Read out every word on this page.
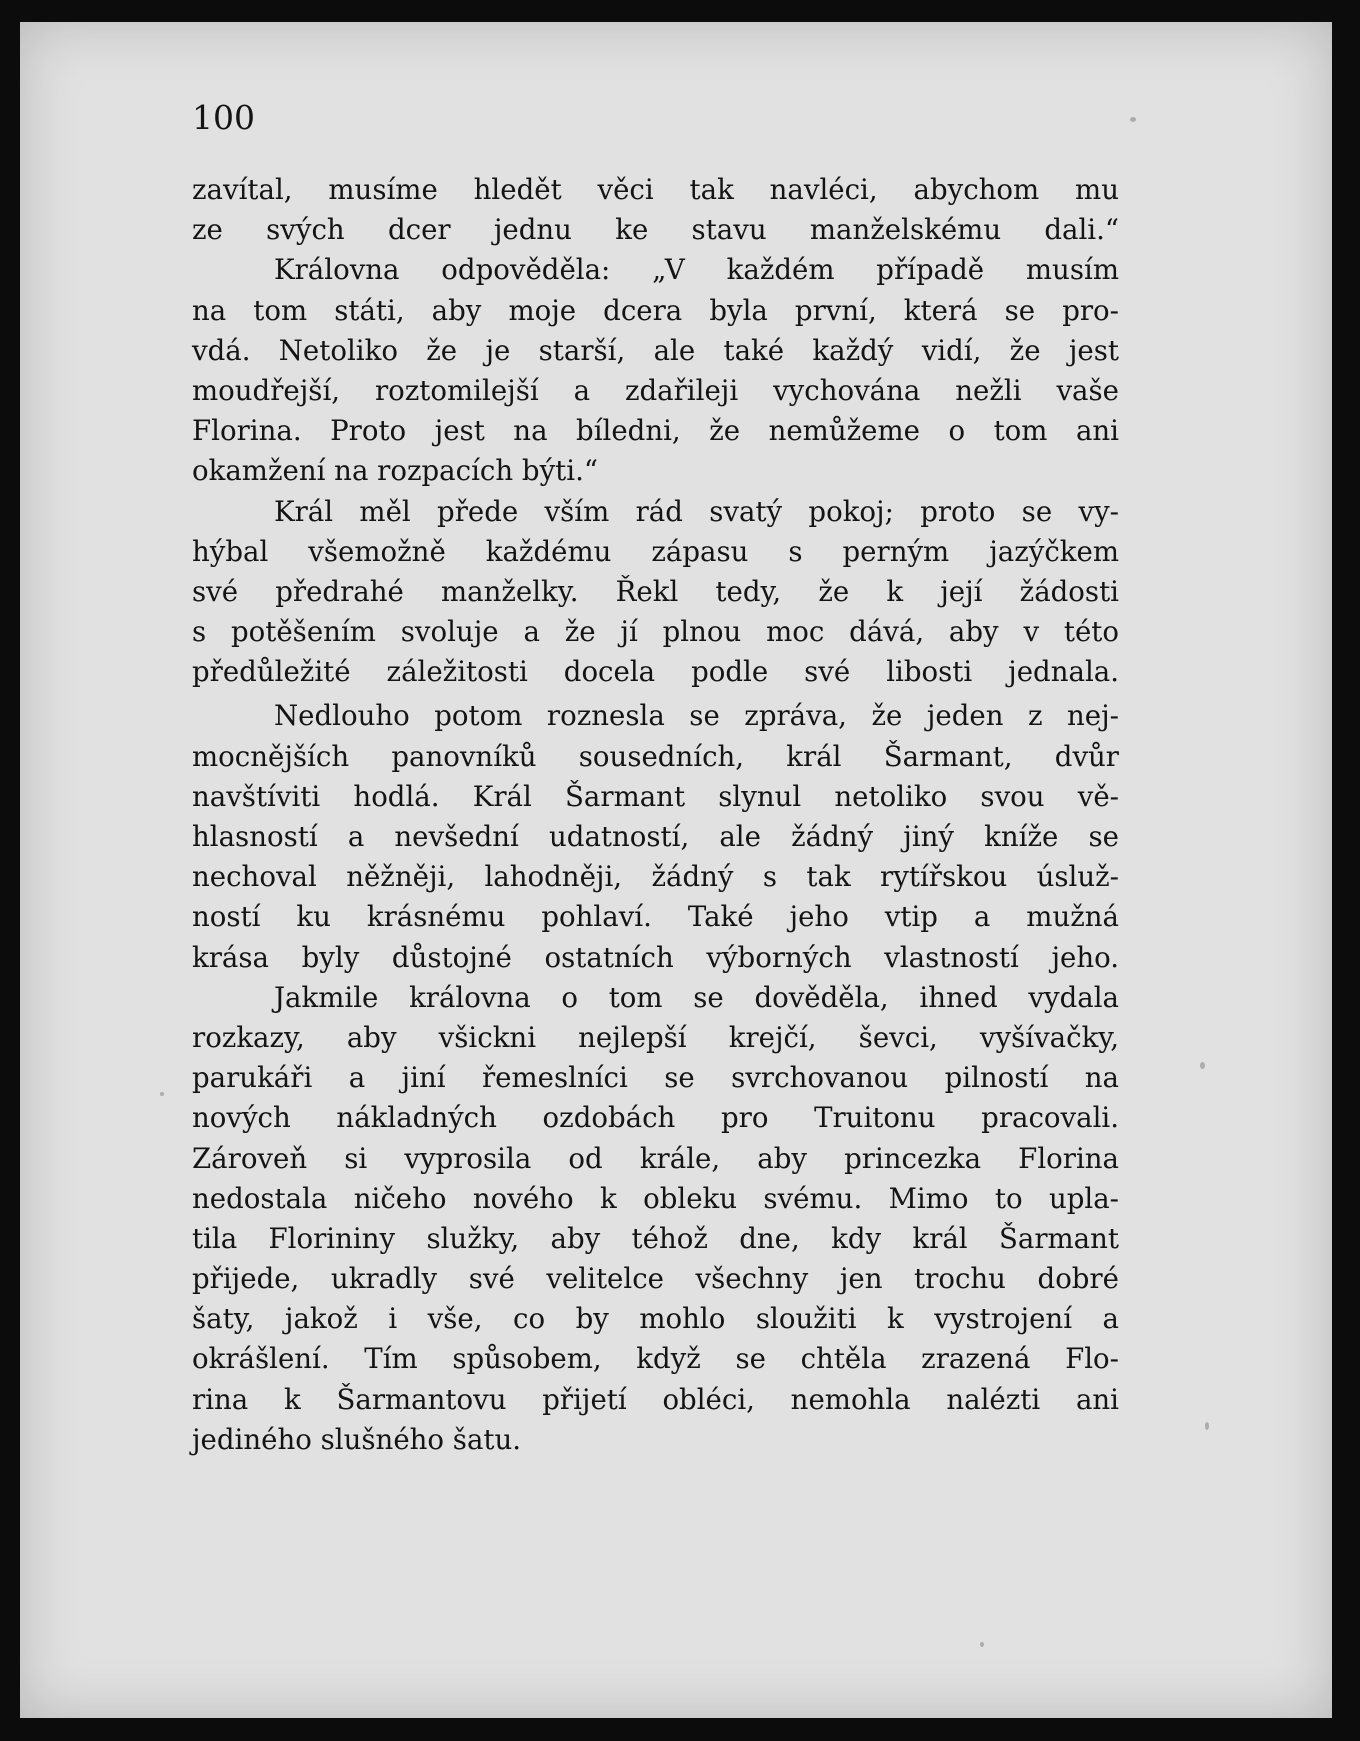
100
zavítal, musíme hledět věci tak navléci, abychom mu
ze svých dcer jednu ke stavu manželskému dali.“
Královna odpověděla: „V každém případě musím
na tom státi, aby moje dcera byla první, která se pro-
vdá. Netoliko že je starší, ale také každý vidí, že jest
moudřejší, roztomilejší a zdařileji vychována nežli vaše
Florina. Proto jest na bíledni, že nemůžeme o tom ani
okamžení na rozpacích býti.“
Král měl přede vším rád svatý pokoj; proto se vy-
hýbal všemožně každému zápasu s perným jazýčkem
své předrahé manželky. Řekl tedy, že k její žádosti
s potěšením svoluje a že jí plnou moc dává, aby v této
předůležité záležitosti docela podle své libosti jednala.
Nedlouho potom roznesla se zpráva, že jeden z nej-
mocnějších panovníků sousedních, král Šarmant, dvůr
navštíviti hodlá. Král Šarmant slynul netoliko svou vě-
hlasností a nevšední udatností, ale žádný jiný kníže se
nechoval něžněji, lahodněji, žádný s tak rytířskou úsluž-
ností ku krásnému pohlaví. Také jeho vtip a mužná
krása byly důstojné ostatních výborných vlastností jeho.
Jakmile královna o tom se dověděla, ihned vydala
rozkazy, aby všickni nejlepší krejčí, ševci, vyšívačky,
parukáři a jiní řemeslníci se svrchovanou pilností na
nových nákladných ozdobách pro Truitonu pracovali.
Zároveň si vyprosila od krále, aby princezka Florina
nedostala ničeho nového k obleku svému. Mimo to upla-
tila Florininy služky, aby téhož dne, kdy král Šarmant
přijede, ukradly své velitelce všechny jen trochu dobré
šaty, jakož i vše, co by mohlo sloužiti k vystrojení a
okrášlení. Tím spůsobem, když se chtěla zrazená Flo-
rina k Šarmantovu přijetí obléci, nemohla nalézti ani
jediného slušného šatu.
